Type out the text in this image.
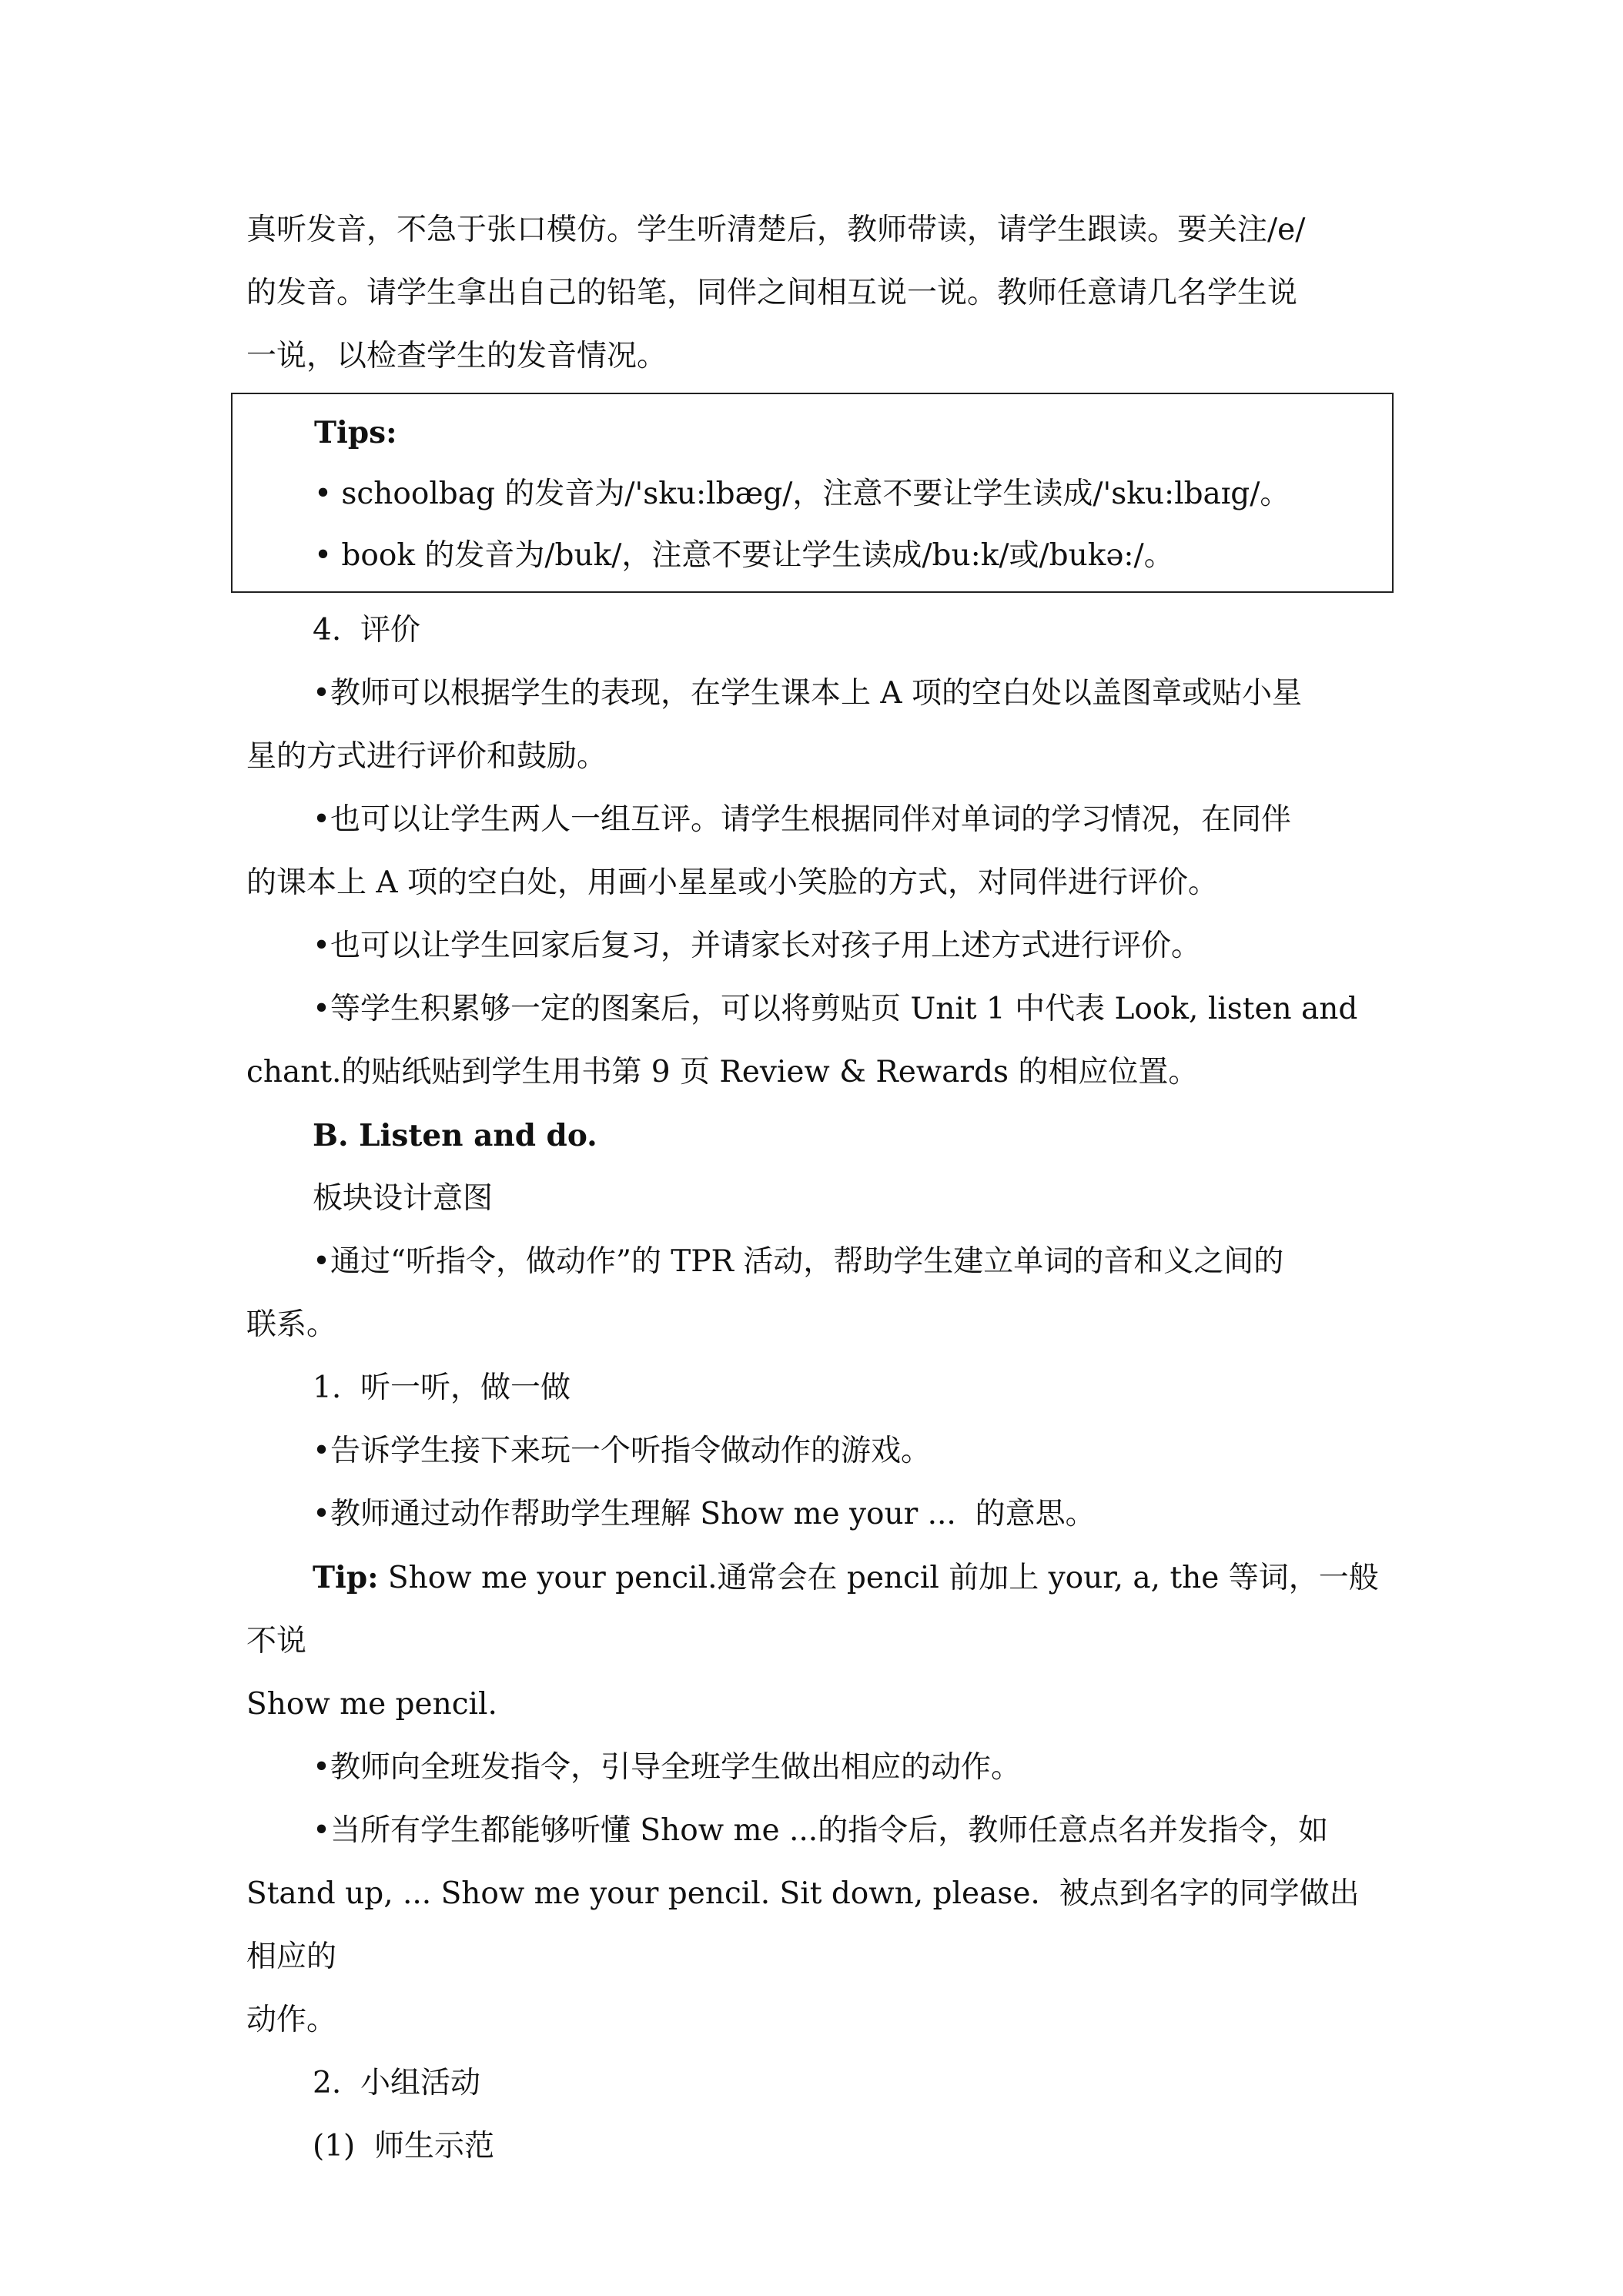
真听发音，不急于张口模仿。学生听清楚后，教师带读，请学生跟读。要关注/e/

的发音。请学生拿出自己的铅笔，同伴之间相互说一说。教师任意请几名学生说

一说，以检查学生的发音情况。

Tips:

• schoolbag 的发音为/'sku:lbæg/，注意不要让学生读成/'sku:lbaɪg/。

• book 的发音为/buk/，注意不要让学生读成/bu:k/或/bukə:/。

4.  评价

•教师可以根据学生的表现，在学生课本上 A 项的空白处以盖图章或贴小星

星的方式进行评价和鼓励。

•也可以让学生两人一组互评。请学生根据同伴对单词的学习情况，在同伴

的课本上 A 项的空白处，用画小星星或小笑脸的方式，对同伴进行评价。

•也可以让学生回家后复习，并请家长对孩子用上述方式进行评价。

•等学生积累够一定的图案后，可以将剪贴页 Unit 1 中代表 Look, listen and

chant.的贴纸贴到学生用书第 9 页 Review & Rewards 的相应位置。

B. Listen and do.

板块设计意图

•通过“听指令，做动作”的 TPR 活动，帮助学生建立单词的音和义之间的

联系。

1.  听一听，做一做

•告诉学生接下来玩一个听指令做动作的游戏。

•教师通过动作帮助学生理解 Show me your ...  的意思。

Tip: Show me your pencil.通常会在 pencil 前加上 your, a, the 等词，一般不说

Show me pencil.

•教师向全班发指令，引导全班学生做出相应的动作。

•当所有学生都能够听懂 Show me ...的指令后，教师任意点名并发指令，如

Stand up, ... Show me your pencil. Sit down, please.  被点到名字的同学做出相应的

动作。

2.  小组活动

(1)  师生示范
